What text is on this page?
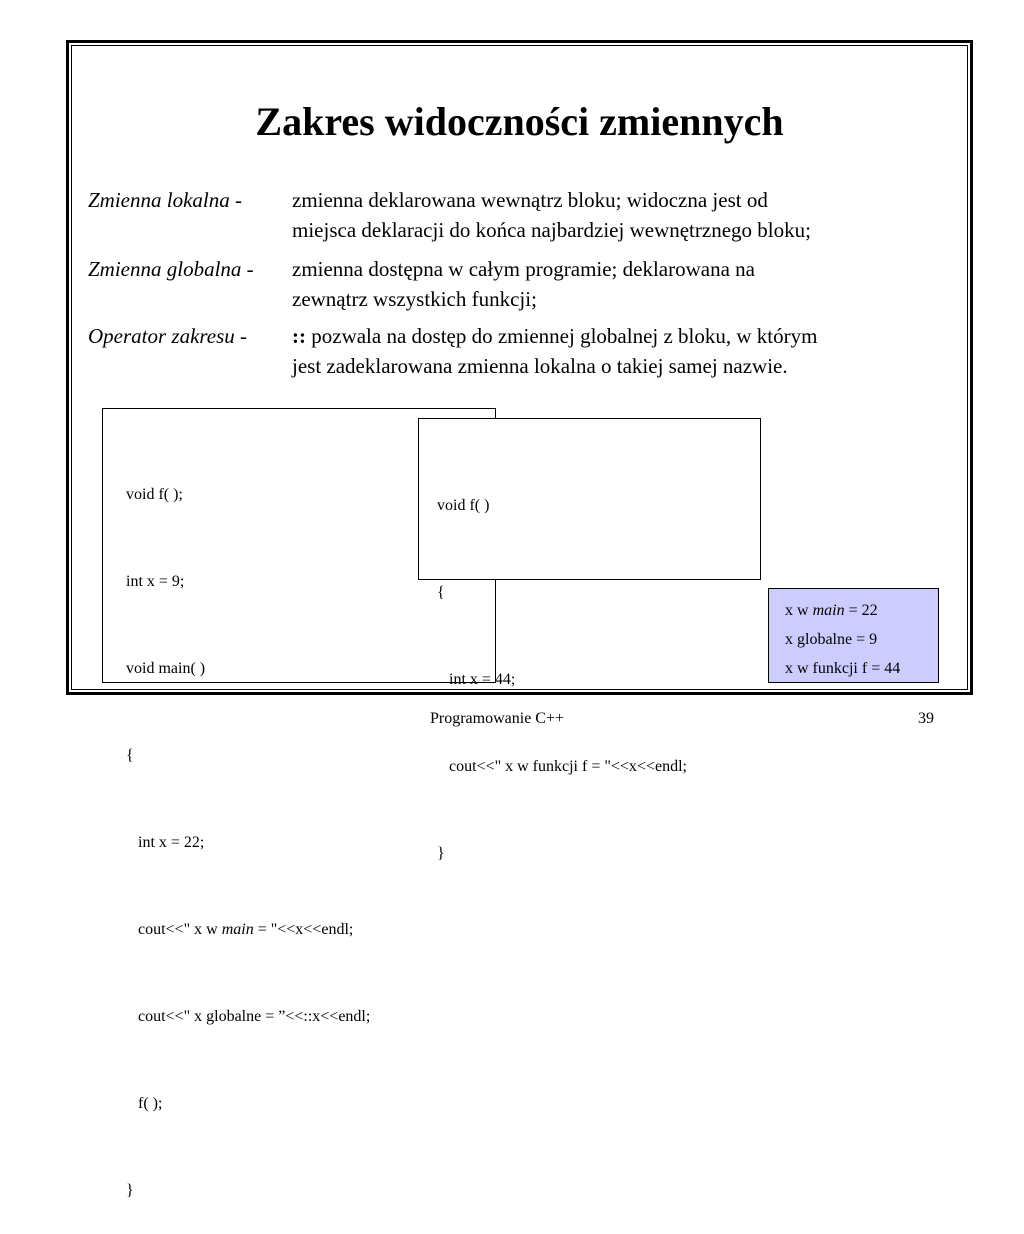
Zakres widoczności zmiennych
Zmienna lokalna - zmienna deklarowana wewnątrz bloku; widoczna jest od
miejsca deklaracji do końca najbardziej wewnętrznego bloku;
Zmienna globalna - zmienna dostępna w całym programie; deklarowana na
zewnątrz wszystkich funkcji;
Operator zakresu - :: pozwala na dostęp do zmiennej globalnej z bloku, w którym
jest zadeklarowana zmienna lokalna o takiej samej nazwie.

void f( );

int x = 9;

void main( )

{

int x = 22;

cout<<" x w main = "<<x<<endl;

cout<<" x globalne = ”<<::x<<endl;

f( );

}

void f( )

{

int x = 44;

cout<<" x w funkcji f = "<<x<<endl;

}

x w main = 22
x globalne = 9
x w funkcji f = 44
Programowanie C++	39
